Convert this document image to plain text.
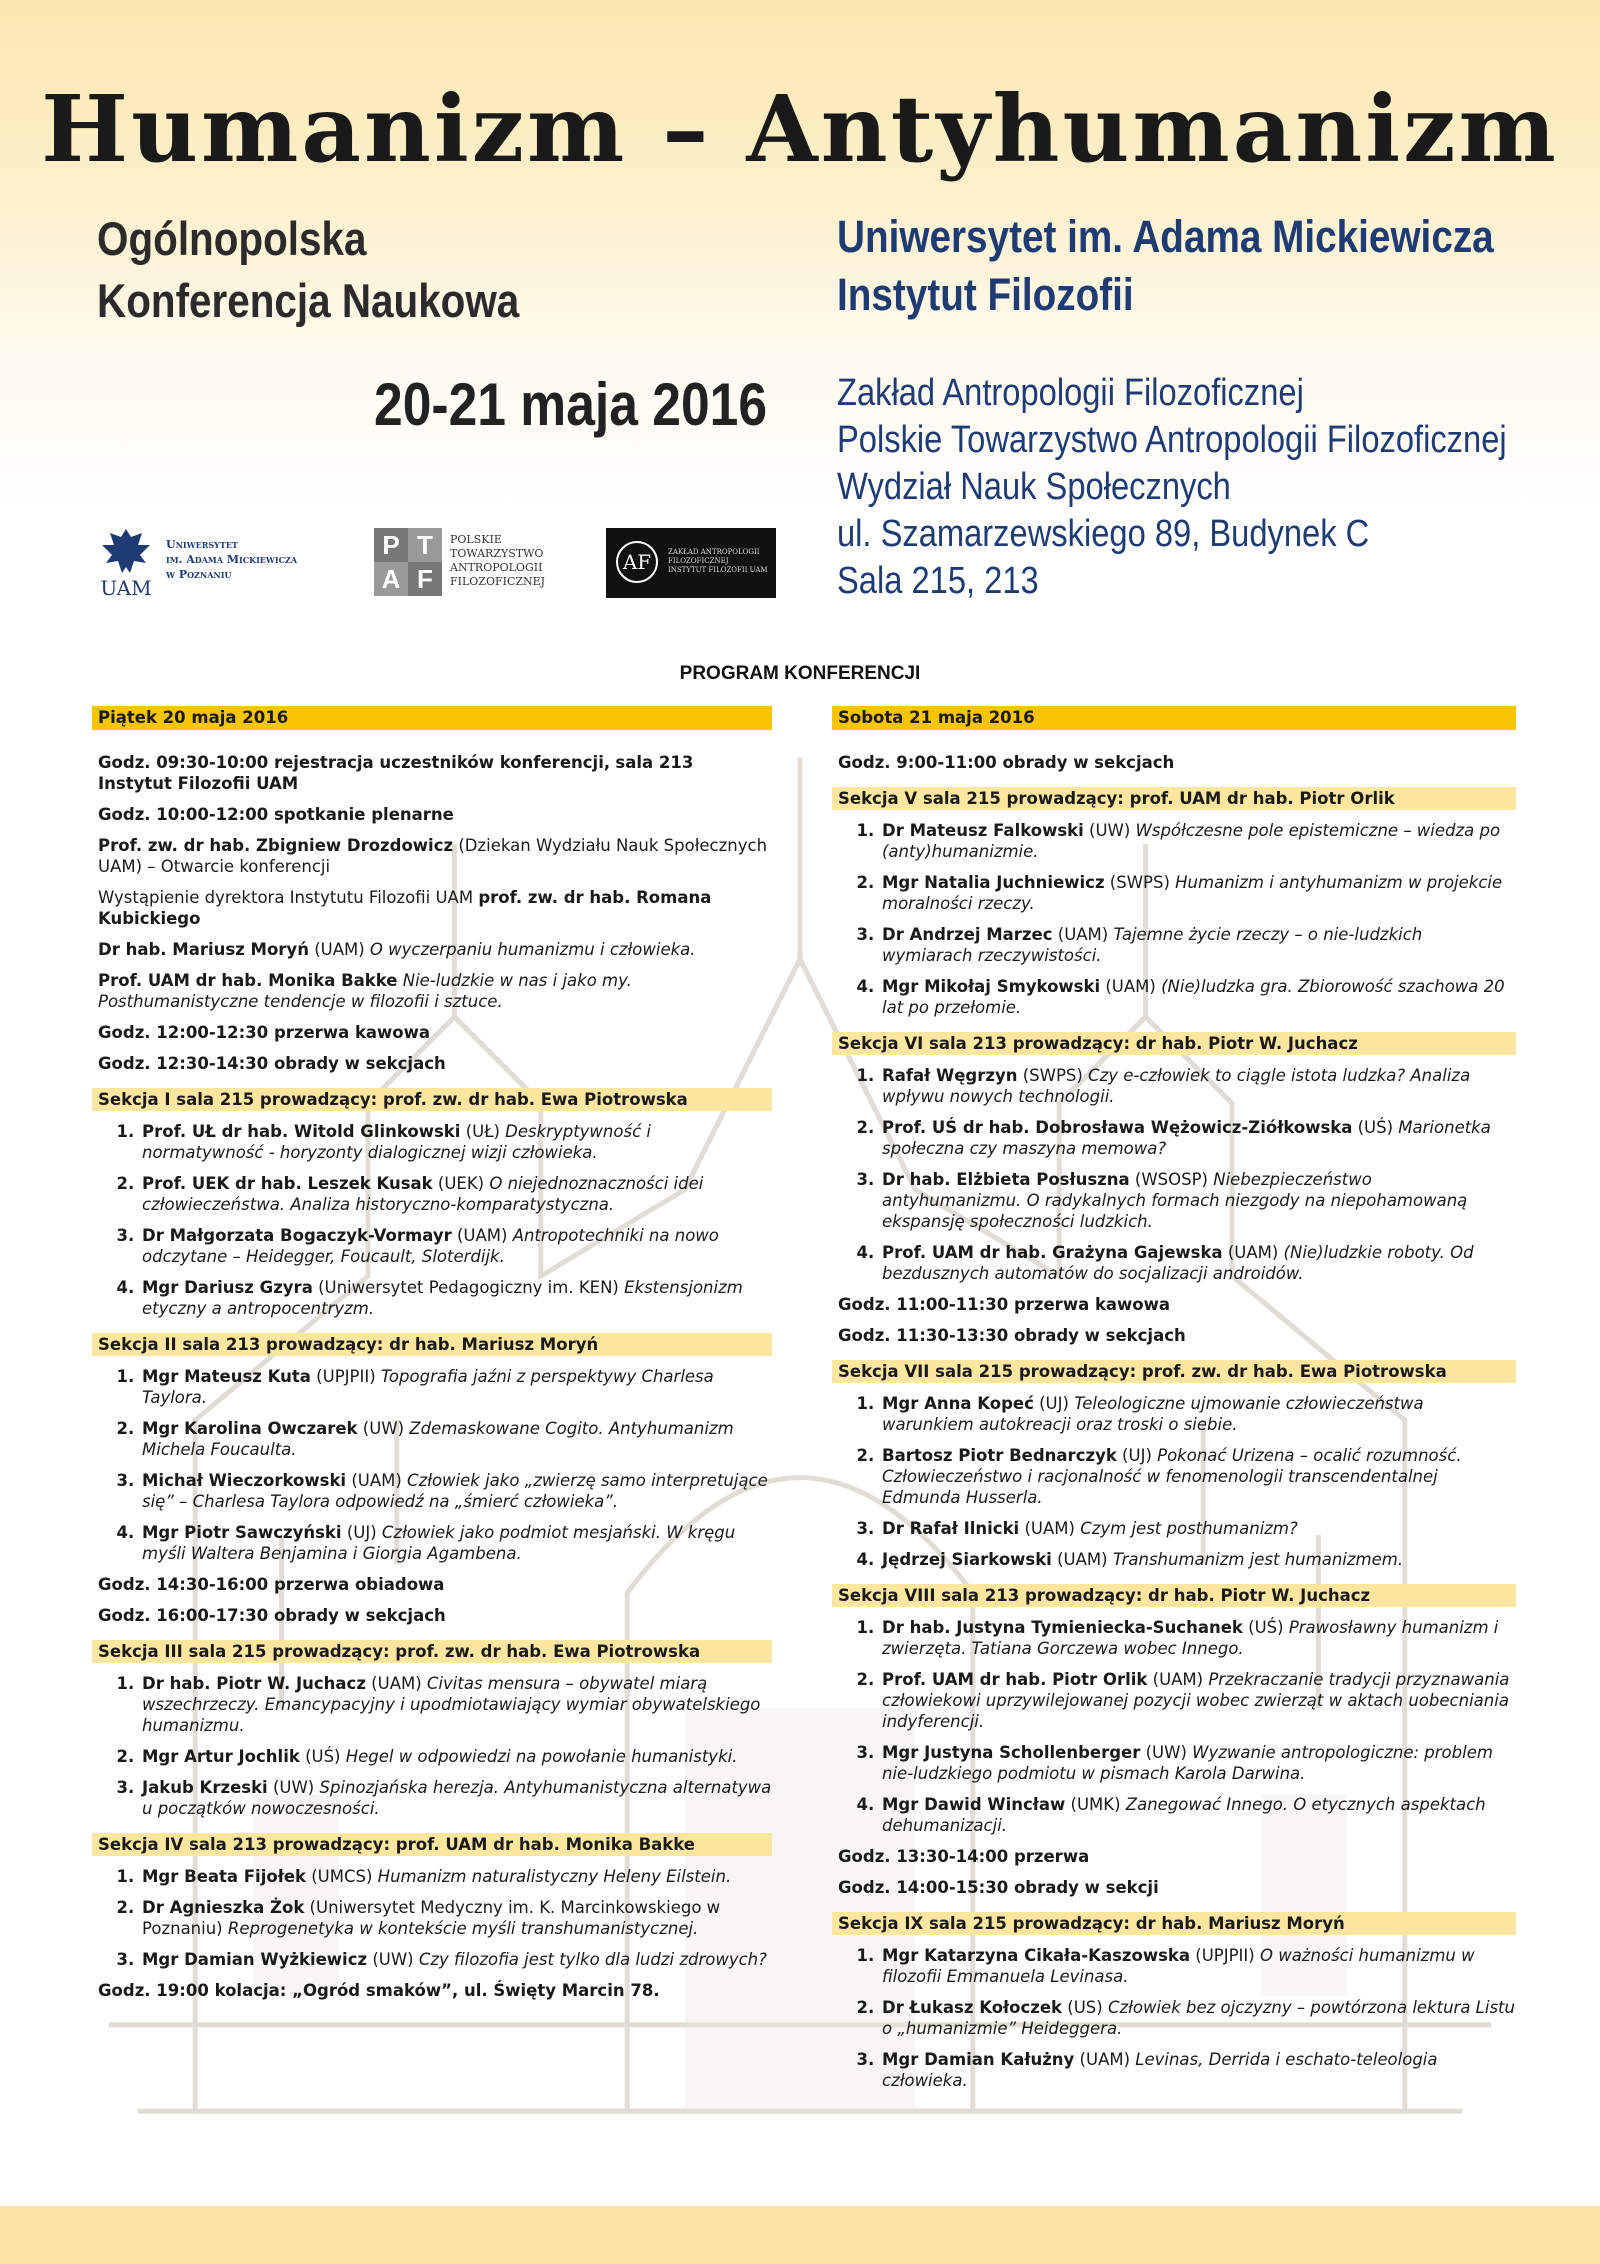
Humanizm – Antyhumanizm
Ogólnopolska
Konferencja Naukowa
Uniwersytet im. Adama Mickiewicza
Instytut Filozofii
20-21 maja 2016 Zakład Antropologii Filozoficznej
Polskie Towarzystwo Antropologii Filozoficznej
Wydział Nauk Społecznych
ul. Szamarzewskiego 89, Budynek C
Sala 215, 213
UAM
Uniwersytet
im. Adama Mickiewicza
w Poznaniu
P T
A F
POLSKIE
TOWARZYSTWO
ANTROPOLOGII
FILOZOFICZNEJ
AF	ZAKŁAD ANTROPOLOGII
FILOZOFICZNEJ
INSTYTUT FILOZOFII UAM
PROGRAM KONFERENCJI
Piątek 20 maja 2016
Godz. 09:30-10:00 rejestracja uczestników konferencji, sala 213 Instytut Filozofii UAM
Godz. 10:00-12:00 spotkanie plenarne
Prof. zw. dr hab. Zbigniew Drozdowicz (Dziekan Wydziału Nauk Społecznych UAM) – Otwarcie konferencji
Wystąpienie dyrektora Instytutu Filozofii UAM prof. zw. dr hab. Romana Kubickiego
Dr hab. Mariusz Moryń (UAM) O wyczerpaniu humanizmu i człowieka.
Prof. UAM dr hab. Monika Bakke Nie-ludzkie w nas i jako my. Posthumanistyczne tendencje w filozofii i sztuce.
Godz. 12:00-12:30 przerwa kawowa
Godz. 12:30-14:30 obrady w sekcjach
Sekcja I sala 215 prowadzący: prof. zw. dr hab. Ewa Piotrowska
1. Prof. UŁ dr hab. Witold Glinkowski (UŁ) Deskryptywność i normatywność - horyzonty dialogicznej wizji człowieka.
2. Prof. UEK dr hab. Leszek Kusak (UEK) O niejednoznaczności idei człowieczeństwa. Analiza historyczno-komparatystyczna.
3. Dr Małgorzata Bogaczyk-Vormayr (UAM) Antropotechniki na nowo odczytane – Heidegger, Foucault, Sloterdijk.
4. Mgr Dariusz Gzyra (Uniwersytet Pedagogiczny im. KEN) Ekstensjonizm etyczny a antropocentryzm.
Sekcja II sala 213 prowadzący: dr hab. Mariusz Moryń
1. Mgr Mateusz Kuta (UPJPII) Topografia jaźni z perspektywy Charlesa Taylora.
2. Mgr Karolina Owczarek (UW) Zdemaskowane Cogito. Antyhumanizm Michela Foucaulta.
3. Michał Wieczorkowski (UAM) Człowiek jako „zwierzę samo interpretujące się” – Charlesa Taylora odpowiedź na „śmierć człowieka”.
4. Mgr Piotr Sawczyński (UJ) Człowiek jako podmiot mesjański. W kręgu myśli Waltera Benjamina i Giorgia Agambena.
Godz. 14:30-16:00 przerwa obiadowa
Godz. 16:00-17:30 obrady w sekcjach
Sekcja III sala 215 prowadzący: prof. zw. dr hab. Ewa Piotrowska
1. Dr hab. Piotr W. Juchacz (UAM) Civitas mensura – obywatel miarą wszechrzeczy. Emancypacyjny i upodmiotawiający wymiar obywatelskiego humanizmu.
2. Mgr Artur Jochlik (UŚ) Hegel w odpowiedzi na powołanie humanistyki.
3. Jakub Krzeski (UW) Spinozjańska herezja. Antyhumanistyczna alternatywa u początków nowoczesności.
Sekcja IV sala 213 prowadzący: prof. UAM dr hab. Monika Bakke
1. Mgr Beata Fijołek (UMCS) Humanizm naturalistyczny Heleny Eilstein.
2. Dr Agnieszka Żok (Uniwersytet Medyczny im. K. Marcinkowskiego w Poznaniu) Reprogenetyka w kontekście myśli transhumanistycznej.
3. Mgr Damian Wyżkiewicz (UW) Czy filozofia jest tylko dla ludzi zdrowych?
Godz. 19:00 kolacja: „Ogród smaków”, ul. Święty Marcin 78.
Sobota 21 maja 2016
Godz. 9:00-11:00 obrady w sekcjach
Sekcja V sala 215 prowadzący: prof. UAM dr hab. Piotr Orlik
1. Dr Mateusz Falkowski (UW) Współczesne pole epistemiczne – wiedza po (anty)humanizmie.
2. Mgr Natalia Juchniewicz (SWPS) Humanizm i antyhumanizm w projekcie moralności rzeczy.
3. Dr Andrzej Marzec (UAM) Tajemne życie rzeczy – o nie-ludzkich wymiarach rzeczywistości.
4. Mgr Mikołaj Smykowski (UAM) (Nie)ludzka gra. Zbiorowość szachowa 20 lat po przełomie.
Sekcja VI sala 213 prowadzący: dr hab. Piotr W. Juchacz
1. Rafał Węgrzyn (SWPS) Czy e-człowiek to ciągle istota ludzka? Analiza wpływu nowych technologii.
2. Prof. UŚ dr hab. Dobrosława Wężowicz-Ziółkowska (UŚ) Marionetka społeczna czy maszyna memowa?
3. Dr hab. Elżbieta Posłuszna (WSOSP) Niebezpieczeństwo antyhumanizmu. O radykalnych formach niezgody na niepohamowaną ekspansję społeczności ludzkich.
4. Prof. UAM dr hab. Grażyna Gajewska (UAM) (Nie)ludzkie roboty. Od bezdusznych automatów do socjalizacji androidów.
Godz. 11:00-11:30 przerwa kawowa
Godz. 11:30-13:30 obrady w sekcjach
Sekcja VII sala 215 prowadzący: prof. zw. dr hab. Ewa Piotrowska
1. Mgr Anna Kopeć (UJ) Teleologiczne ujmowanie człowieczeństwa warunkiem autokreacji oraz troski o siebie.
2. Bartosz Piotr Bednarczyk (UJ) Pokonać Urizena – ocalić rozumność. Człowieczeństwo i racjonalność w fenomenologii transcendentalnej Edmunda Husserla.
3. Dr Rafał Ilnicki (UAM) Czym jest posthumanizm?
4. Jędrzej Siarkowski (UAM) Transhumanizm jest humanizmem.
Sekcja VIII sala 213 prowadzący: dr hab. Piotr W. Juchacz
1. Dr hab. Justyna Tymieniecka-Suchanek (UŚ) Prawosławny humanizm i zwierzęta. Tatiana Gorczewa wobec Innego.
2. Prof. UAM dr hab. Piotr Orlik (UAM) Przekraczanie tradycji przyznawania człowiekowi uprzywilejowanej pozycji wobec zwierząt w aktach uobecniania indyferencji.
3. Mgr Justyna Schollenberger (UW) Wyzwanie antropologiczne: problem nie-ludzkiego podmiotu w pismach Karola Darwina.
4. Mgr Dawid Wincław (UMK) Zanegować Innego. O etycznych aspektach dehumanizacji.
Godz. 13:30-14:00 przerwa
Godz. 14:00-15:30 obrady w sekcji
Sekcja IX sala 215 prowadzący: dr hab. Mariusz Moryń
1. Mgr Katarzyna Cikała-Kaszowska (UPJPII) O ważności humanizmu w filozofii Emmanuela Levinasa.
2. Dr Łukasz Kołoczek (US) Człowiek bez ojczyzny – powtórzona lektura Listu o „humanizmie” Heideggera.
3. Mgr Damian Kałużny (UAM) Levinas, Derrida i eschato-teleologia człowieka.
